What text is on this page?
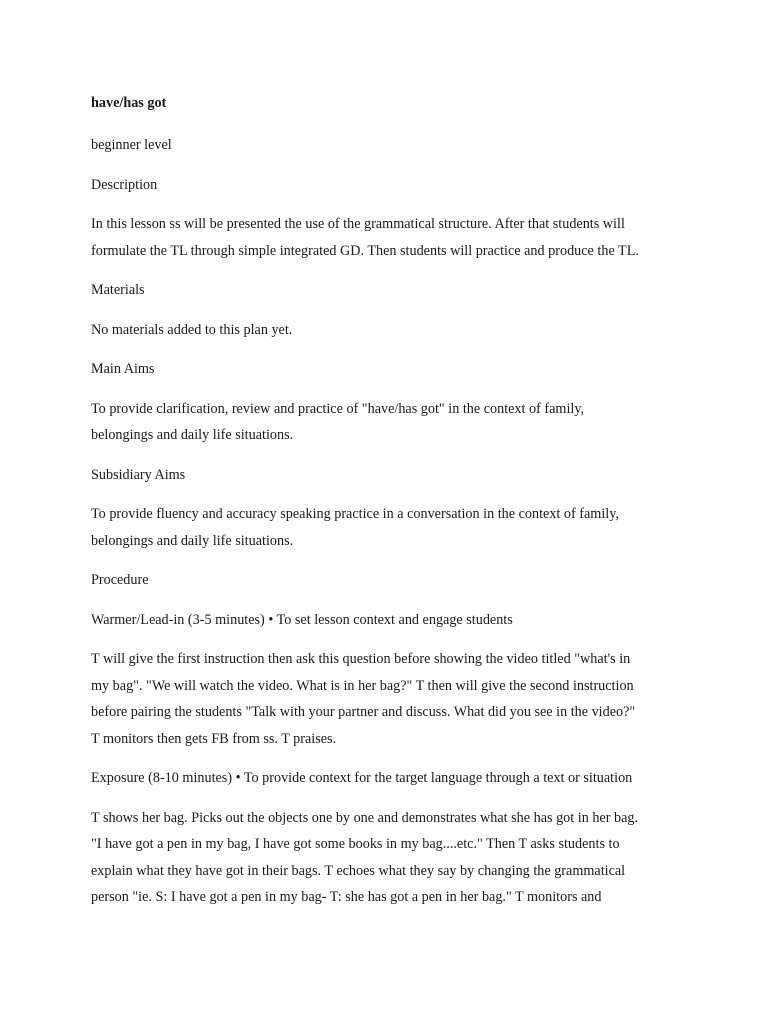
have/has got

beginner level

Description

In this lesson ss will be presented the use of the grammatical structure. After that students will

formulate the TL through simple integrated GD. Then students will practice and produce the TL.

Materials

No materials added to this plan yet.

Main Aims

To provide clarification, review and practice of "have/has got" in the context of family,

belongings and daily life situations.

Subsidiary Aims

To provide fluency and accuracy speaking practice in a conversation in the context of family,

belongings and daily life situations.

Procedure

Warmer/Lead-in (3-5 minutes) • To set lesson context and engage students

T will give the first instruction then ask this question before showing the video titled "what's in

my bag". "We will watch the video. What is in her bag?" T then will give the second instruction

before pairing the students "Talk with your partner and discuss. What did you see in the video?"

T monitors then gets FB from ss. T praises.

Exposure (8-10 minutes) • To provide context for the target language through a text or situation

T shows her bag. Picks out the objects one by one and demonstrates what she has got in her bag.

"I have got a pen in my bag, I have got some books in my bag....etc." Then T asks students to

explain what they have got in their bags. T echoes what they say by changing the grammatical

person "ie. S: I have got a pen in my bag- T: she has got a pen in her bag." T monitors and
